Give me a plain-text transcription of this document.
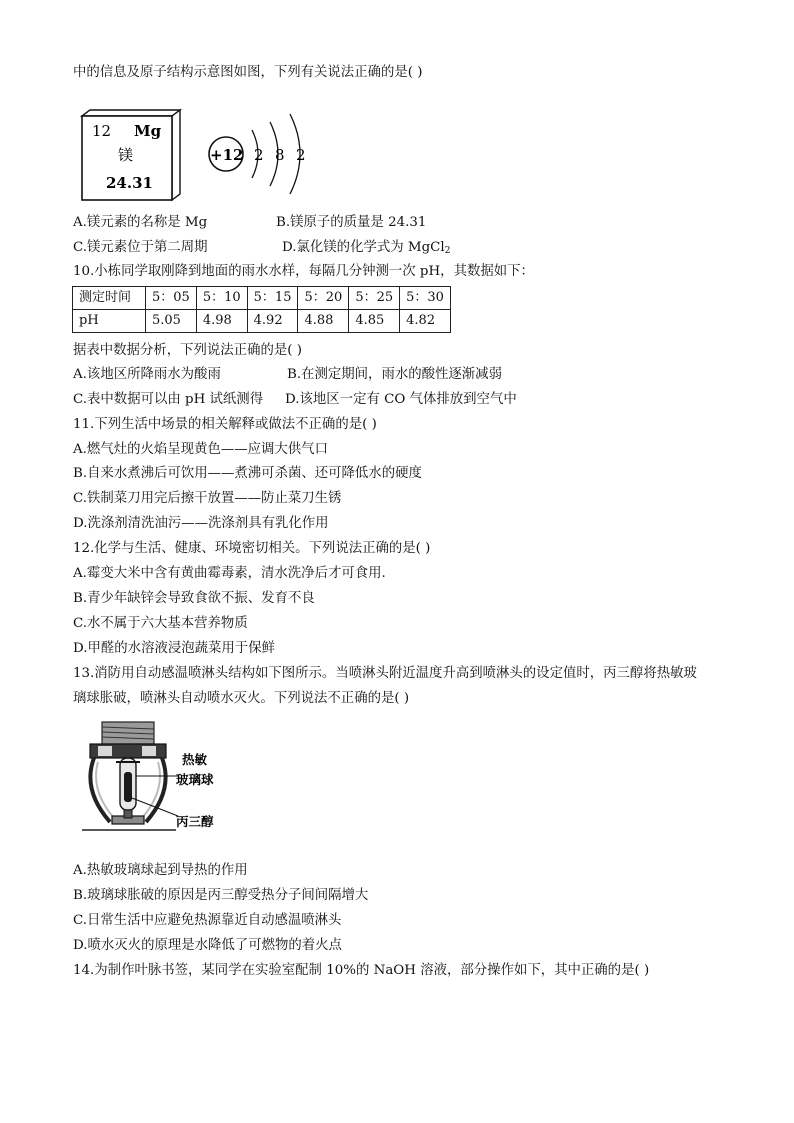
中的信息及原子结构示意图如图，下列有关说法正确的是( )
12 Mg
镁
24.31
+12 2 8 2
A.镁元素的名称是 Mg	B.镁原子的质量是 24.31
C.镁元素位于第二周期	D.氯化镁的化学式为 MgCl$_2$
10.小栋同学取刚降到地面的雨水水样，每隔几分钟测一次 pH，其数据如下：
测定时间	5：05	5：10	5：15	5：20	5：25	5：30
pH	5.05	4.98	4.92	4.88	4.85	4.82
据表中数据分析，下列说法正确的是( )
A.该地区所降雨水为酸雨	B.在测定期间，雨水的酸性逐渐减弱
C.表中数据可以由 pH 试纸测得 D.该地区一定有 CO 气体排放到空气中
11.下列生活中场景的相关解释或做法不正确的是( )
A.燃气灶的火焰呈现黄色——应调大供气口
B.自来水煮沸后可饮用——煮沸可杀菌、还可降低水的硬度
C.铁制菜刀用完后擦干放置——防止菜刀生锈
D.洗涤剂清洗油污——洗涤剂具有乳化作用
12.化学与生活、健康、环境密切相关。下列说法正确的是( )
A.霉变大米中含有黄曲霉毒素，清水洗净后才可食用.
B.青少年缺锌会导致食欲不振、发育不良
C.水不属于六大基本营养物质
D.甲醛的水溶液浸泡蔬菜用于保鲜
13.消防用自动感温喷淋头结构如下图所示。当喷淋头附近温度升高到喷淋头的设定值时，丙三醇将热敏玻
璃球胀破，喷淋头自动喷水灭火。下列说法不正确的是( )
热敏
玻璃球
丙三醇
A.热敏玻璃球起到导热的作用
B.玻璃球胀破的原因是丙三醇受热分子间间隔增大
C.日常生活中应避免热源靠近自动感温喷淋头
D.喷水灭火的原理是水降低了可燃物的着火点
14.为制作叶脉书签，某同学在实验室配制 10%的 NaOH 溶液，部分操作如下，其中正确的是( )
